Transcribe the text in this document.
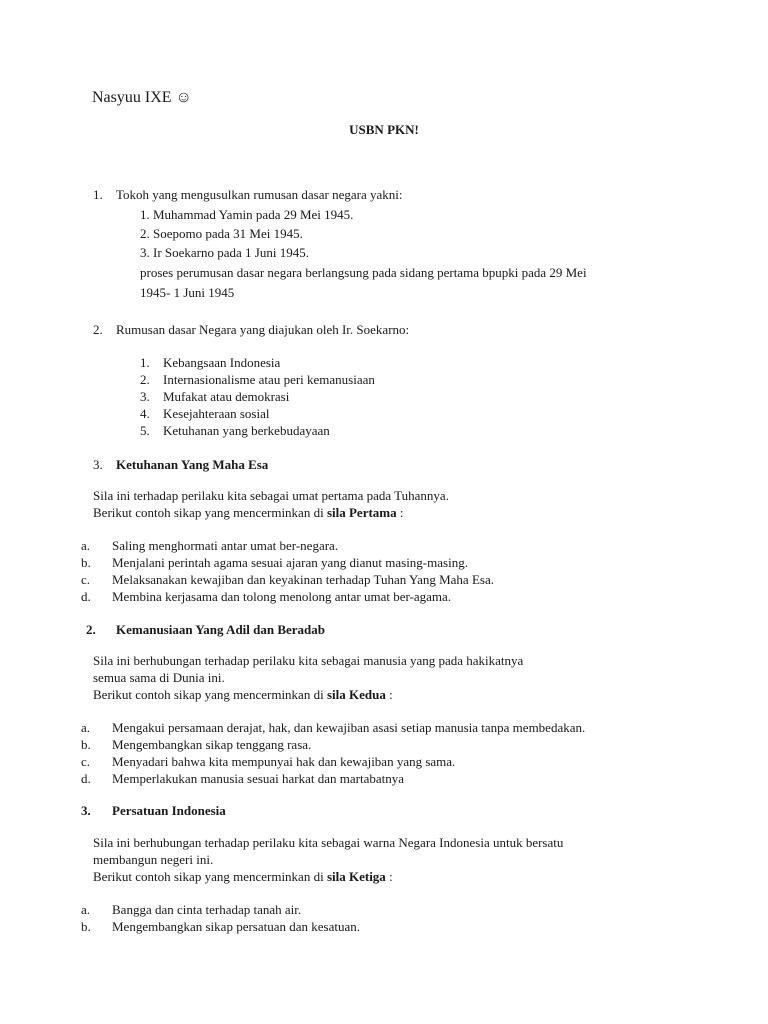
Nasyuu IXE ☺
USBN PKN!
1. Tokoh yang mengusulkan rumusan dasar negara yakni:
1. Muhammad Yamin pada 29 Mei 1945.
2. Soepomo pada 31 Mei 1945.
3. Ir Soekarno pada 1 Juni 1945.
proses perumusan dasar negara berlangsung pada sidang pertama bpupki pada 29 Mei
1945- 1 Juni 1945
2. Rumusan dasar Negara yang diajukan oleh Ir. Soekarno:
1. Kebangsaan Indonesia
2. Internasionalisme atau peri kemanusiaan
3. Mufakat atau demokrasi
4. Kesejahteraan sosial
5. Ketuhanan yang berkebudayaan
3. Ketuhanan Yang Maha Esa
Sila ini terhadap perilaku kita sebagai umat pertama pada Tuhannya.
Berikut contoh sikap yang mencerminkan di sila Pertama :
a. Saling menghormati antar umat ber-negara.
b. Menjalani perintah agama sesuai ajaran yang dianut masing-masing.
c. Melaksanakan kewajiban dan keyakinan terhadap Tuhan Yang Maha Esa.
d. Membina kerjasama dan tolong menolong antar umat ber-agama.
2. Kemanusiaan Yang Adil dan Beradab
Sila ini berhubungan terhadap perilaku kita sebagai manusia yang pada hakikatnya
semua sama di Dunia ini.
Berikut contoh sikap yang mencerminkan di sila Kedua :
a. Mengakui persamaan derajat, hak, dan kewajiban asasi setiap manusia tanpa membedakan.
b. Mengembangkan sikap tenggang rasa.
c. Menyadari bahwa kita mempunyai hak dan kewajiban yang sama.
d. Memperlakukan manusia sesuai harkat dan martabatnya
3. Persatuan Indonesia
Sila ini berhubungan terhadap perilaku kita sebagai warna Negara Indonesia untuk bersatu
membangun negeri ini.
Berikut contoh sikap yang mencerminkan di sila Ketiga :
a. Bangga dan cinta terhadap tanah air.
b. Mengembangkan sikap persatuan dan kesatuan.
